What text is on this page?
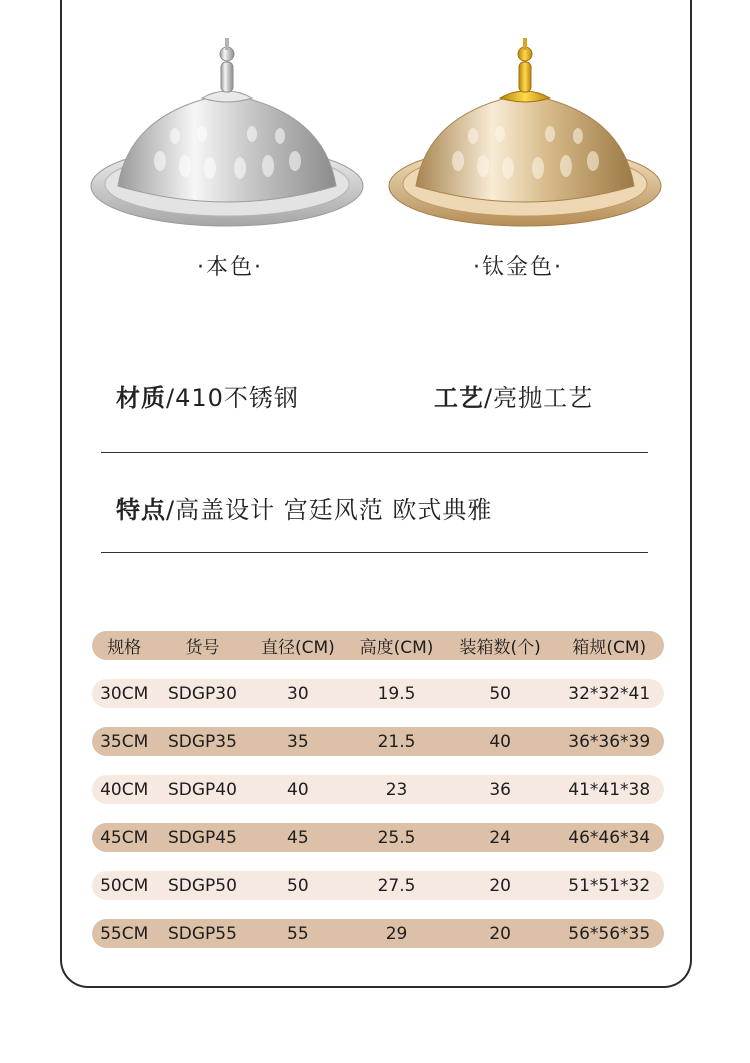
·本色·	·钛金色·
材质/410不锈钢	工艺/亮抛工艺
特点/高盖设计 宫廷风范 欧式典雅
规格	货号	直径(CM)	高度(CM)	装箱数(个)	箱规(CM)
30CM	SDGP30	30	19.5	50	32*32*41
35CM	SDGP35	35	21.5	40	36*36*39
40CM	SDGP40	40	23	36	41*41*38
45CM	SDGP45	45	25.5	24	46*46*34
50CM	SDGP50	50	27.5	20	51*51*32
55CM	SDGP55	55	29	20	56*56*35
